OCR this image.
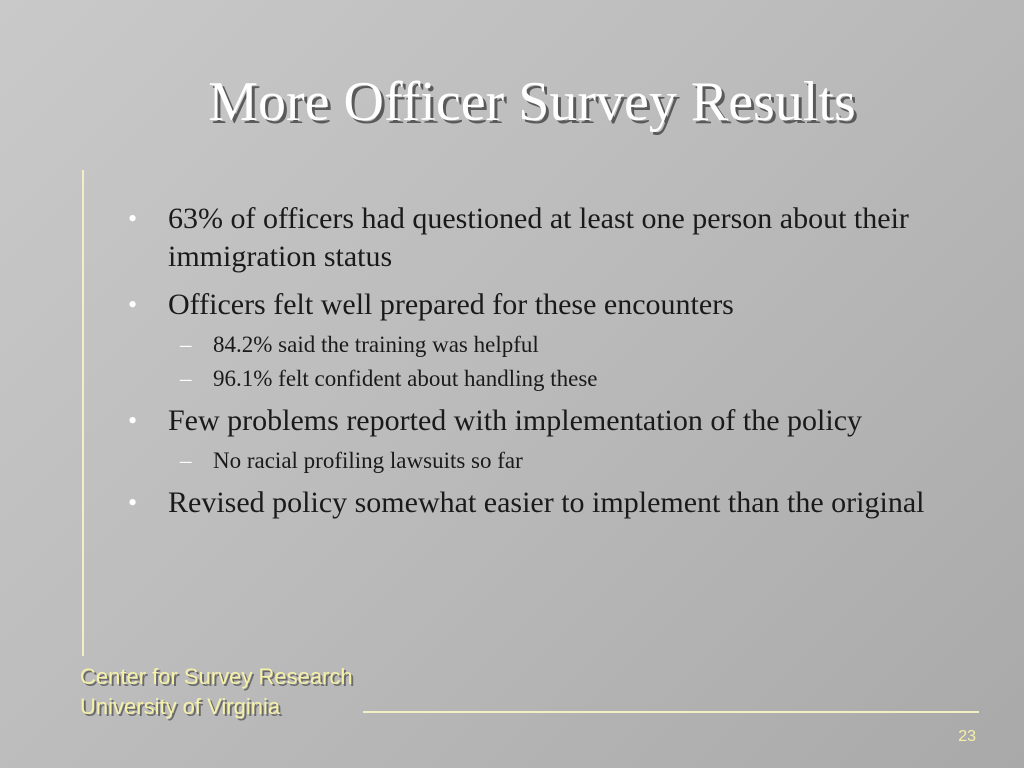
More Officer Survey Results
• 63% of officers had questioned at least one person about their immigration status
• Officers felt well prepared for these encounters
– 84.2% said the training was helpful
– 96.1% felt confident about handling these
• Few problems reported with implementation of the policy
– No racial profiling lawsuits so far
• Revised policy somewhat easier to implement than the original
Center for Survey Research
University of Virginia
23
